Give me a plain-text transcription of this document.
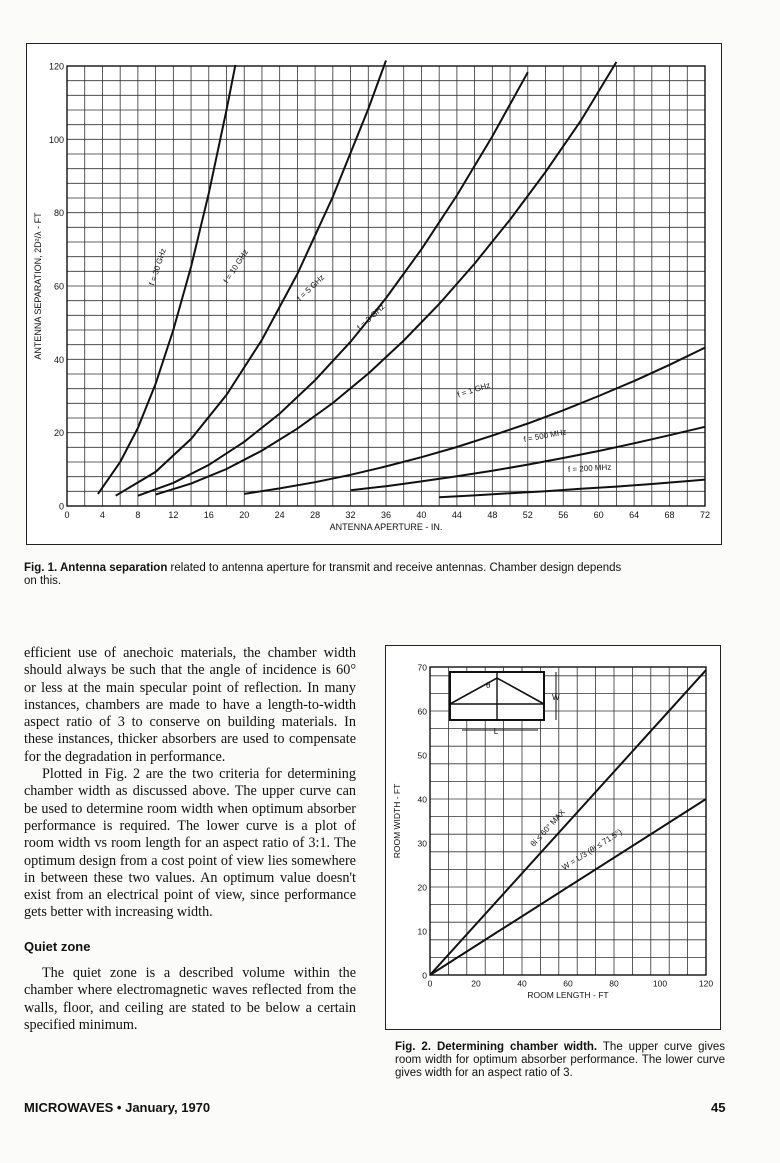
0	4	8	12	16	20	24	28	32	36	40	44	48	52	56	60	64	68	72
0
20
40
60
80
100
120
ANTENNA APERTURE - IN.
ANTENNA SEPARATION, 2D²/λ - FT	f = 30 GHz	f = 10 GHz
f = 5 GHz
f = 3 GHz
f = 1 GHz
f = 500 MHz
f = 200 MHz
Fig. 1. Antenna separation related to antenna aperture for transmit and receive antennas. Chamber design depends on this.

efficient use of anechoic materials, the chamber width should always be such that the angle of incidence is 60° or less at the main specular point of reflection. In many instances, chambers are made to have a length-to-width aspect ratio of 3 to conserve on building materials. In these instances, thicker absorbers are used to compensate for the degradation in performance.

Plotted in Fig. 2 are the two criteria for determining chamber width as discussed above. The upper curve can be used to determine room width when optimum absorber performance is required. The lower curve is a plot of room width vs room length for an aspect ratio of 3:1. The optimum design from a cost point of view lies somewhere in between these two values. An optimum value doesn't exist from an electrical point of view, since performance gets better with increasing width.

Quiet zone

The quiet zone is a described volume within the chamber where electromagnetic waves reflected from the walls, floor, and ceiling are stated to be below a certain specified minimum.

0	20	40	60	80	100	120
0
10
20
30
40
50
60
70
ROOM LENGTH - FT
ROOM WIDTH - FT	θi ≤ 60° MAX
W = L/3 (θi ≤ 71.5°)
θ
W
L
Fig. 2. Determining chamber width. The upper curve gives room width for optimum absorber performance. The lower curve gives width for an aspect ratio of 3.
MICROWAVES • January, 1970	45
